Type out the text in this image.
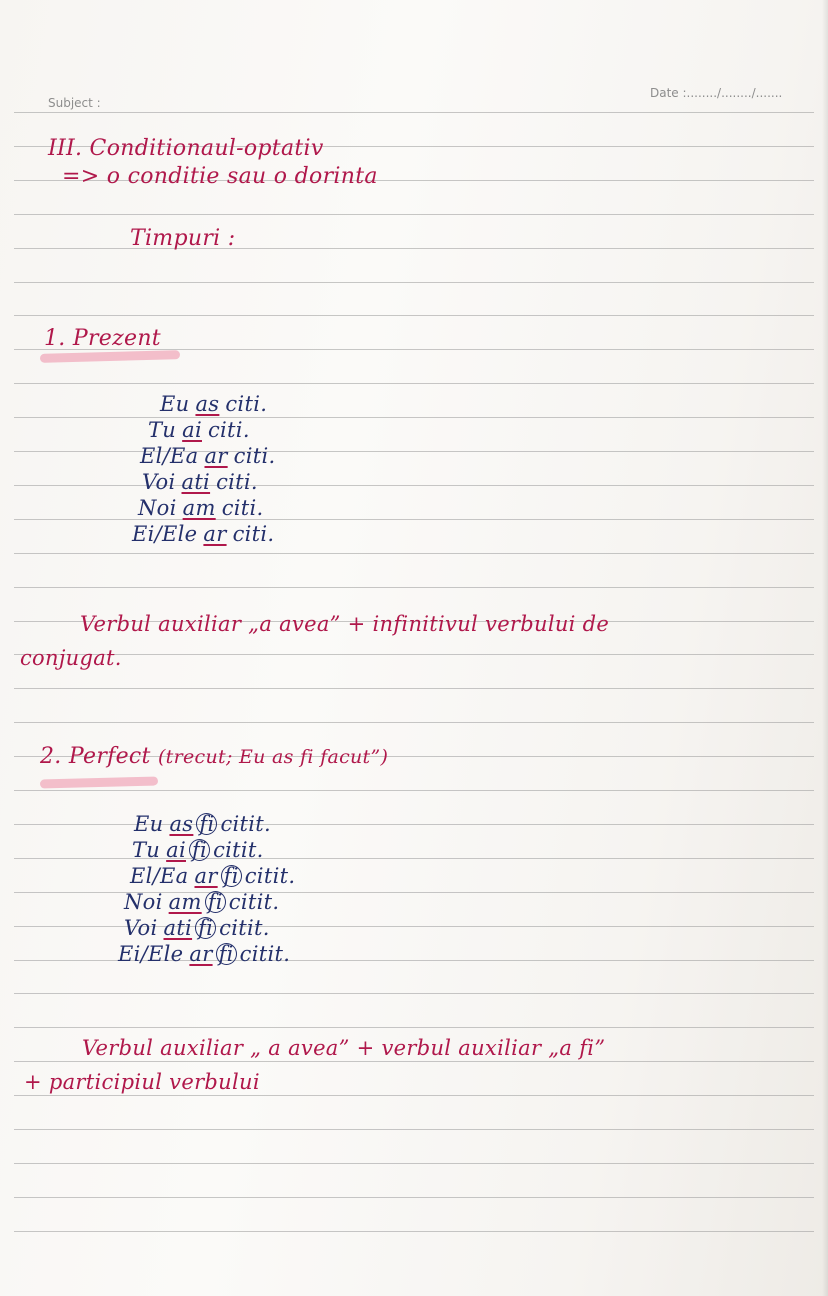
Subject :
Date :......../......../.......
III. Conditionaul-optativ
=> o conditie sau o dorinta
Timpuri :
1. Prezent
Eu as citi.
Tu ai citi.
El/Ea ar citi.
Voi ati citi.
Noi am citi.
Ei/Ele ar citi.
Verbul auxiliar „a avea” + infinitivul verbului de
conjugat.
2. Perfect (trecut; Eu as fi facut”)
Eu as fi citit.
Tu ai fi citit.
El/Ea ar fi citit.
Noi am fi citit.
Voi ati fi citit.
Ei/Ele ar fi citit.
Verbul auxiliar „ a avea” + verbul auxiliar „a fi”
+ participiul verbului
